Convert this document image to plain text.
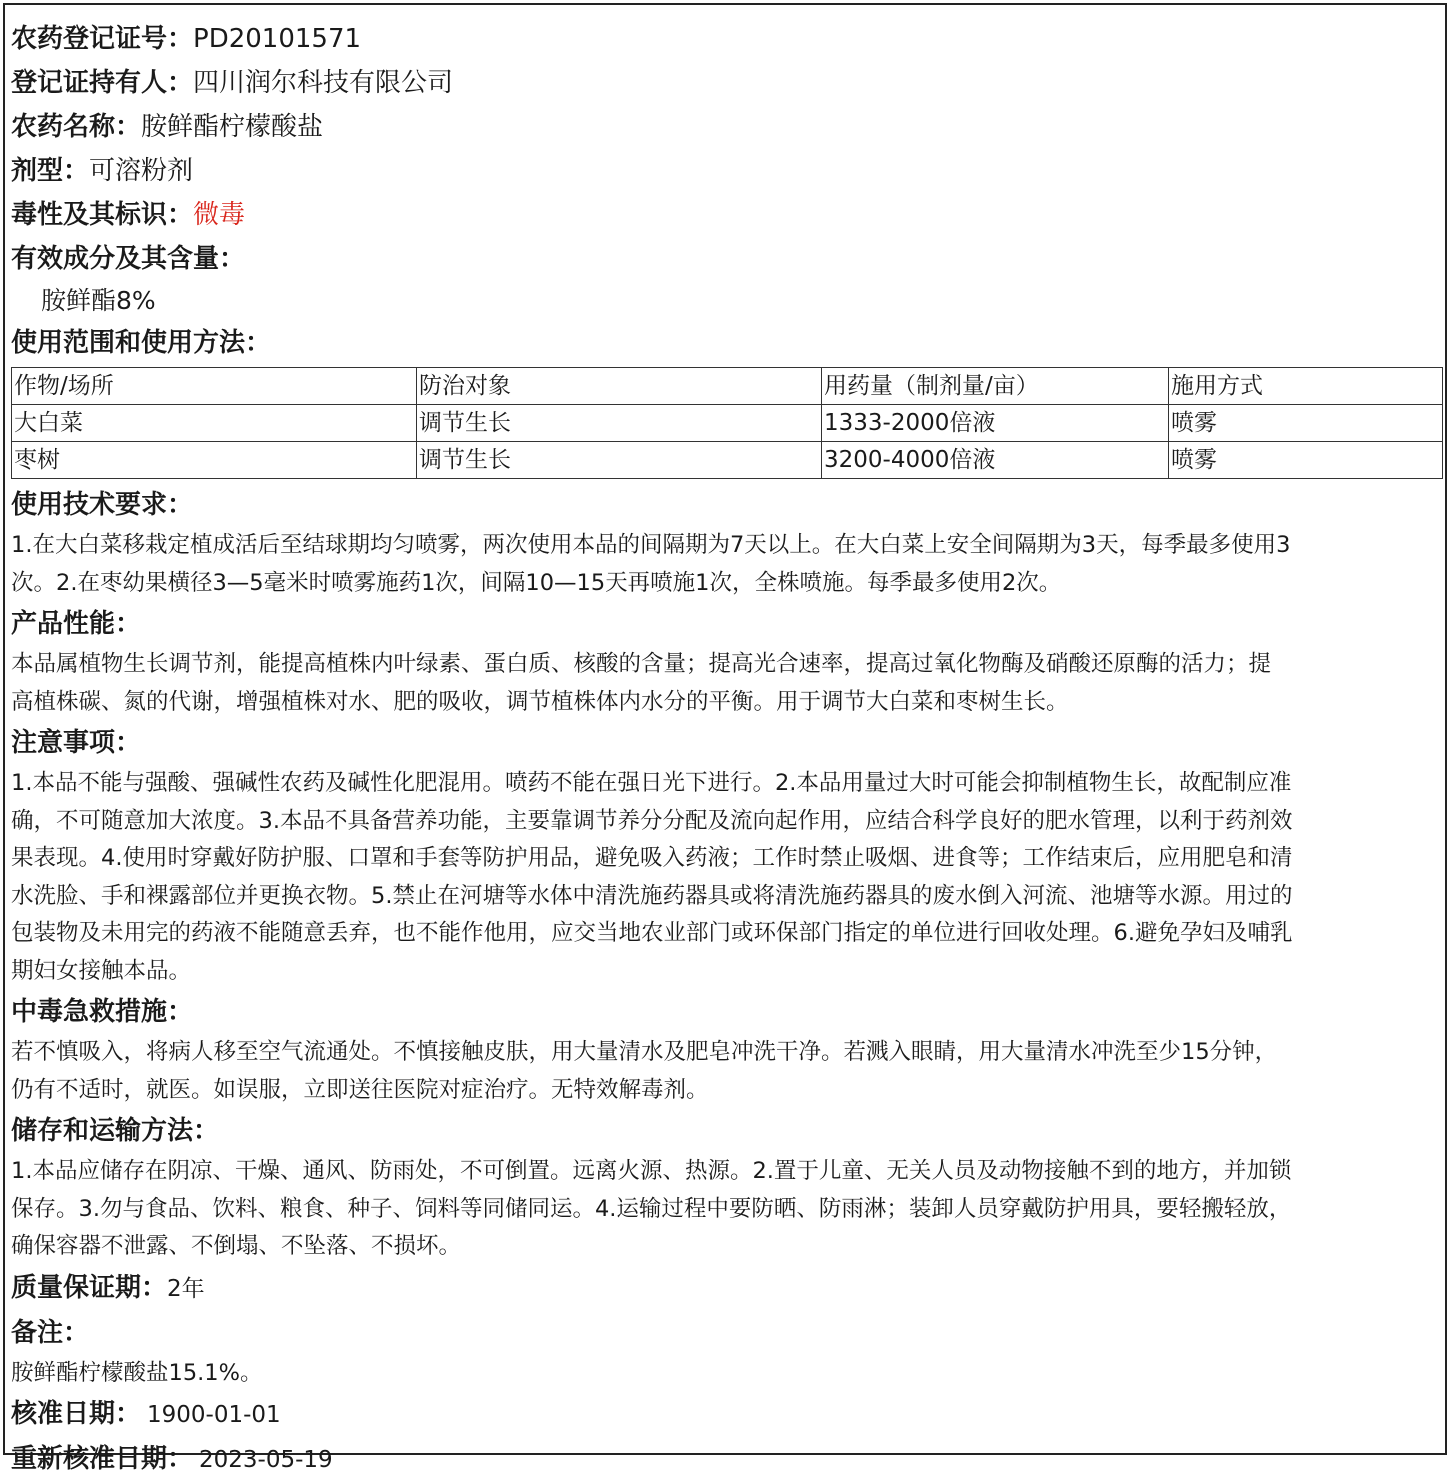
农药登记证号：PD20101571
登记证持有人：四川润尔科技有限公司
农药名称：胺鲜酯柠檬酸盐
剂型：可溶粉剂
毒性及其标识：微毒
有效成分及其含量：
胺鲜酯8%
使用范围和使用方法：
作物/场所	防治对象	用药量（制剂量/亩）	施用方式
大白菜	调节生长	1333-2000倍液	喷雾
枣树	调节生长	3200-4000倍液	喷雾
使用技术要求：

1.在大白菜移栽定植成活后至结球期均匀喷雾，两次使用本品的间隔期为7天以上。在大白菜上安全间隔期为3天，每季最多使用3
次。2.在枣幼果横径3—5毫米时喷雾施药1次，间隔10—15天再喷施1次，全株喷施。每季最多使用2次。

产品性能：

本品属植物生长调节剂，能提高植株内叶绿素、蛋白质、核酸的含量；提高光合速率，提高过氧化物酶及硝酸还原酶的活力；提
高植株碳、氮的代谢，增强植株对水、肥的吸收，调节植株体内水分的平衡。用于调节大白菜和枣树生长。

注意事项：

1.本品不能与强酸、强碱性农药及碱性化肥混用。喷药不能在强日光下进行。2.本品用量过大时可能会抑制植物生长，故配制应准
确，不可随意加大浓度。3.本品不具备营养功能，主要靠调节养分分配及流向起作用，应结合科学良好的肥水管理，以利于药剂效
果表现。4.使用时穿戴好防护服、口罩和手套等防护用品，避免吸入药液；工作时禁止吸烟、进食等；工作结束后，应用肥皂和清
水洗脸、手和裸露部位并更换衣物。5.禁止在河塘等水体中清洗施药器具或将清洗施药器具的废水倒入河流、池塘等水源。用过的
包装物及未用完的药液不能随意丢弃，也不能作他用，应交当地农业部门或环保部门指定的单位进行回收处理。6.避免孕妇及哺乳
期妇女接触本品。

中毒急救措施：

若不慎吸入，将病人移至空气流通处。不慎接触皮肤，用大量清水及肥皂冲洗干净。若溅入眼睛，用大量清水冲洗至少15分钟，
仍有不适时，就医。如误服，立即送往医院对症治疗。无特效解毒剂。

储存和运输方法：

1.本品应储存在阴凉、干燥、通风、防雨处，不可倒置。远离火源、热源。2.置于儿童、无关人员及动物接触不到的地方，并加锁
保存。3.勿与食品、饮料、粮食、种子、饲料等同储同运。4.运输过程中要防晒、防雨淋；装卸人员穿戴防护用具，要轻搬轻放，
确保容器不泄露、不倒塌、不坠落、不损坏。

质量保证期：2年
备注：

胺鲜酯柠檬酸盐15.1%。

核准日期： 1900-01-01
重新核准日期： 2023-05-19
